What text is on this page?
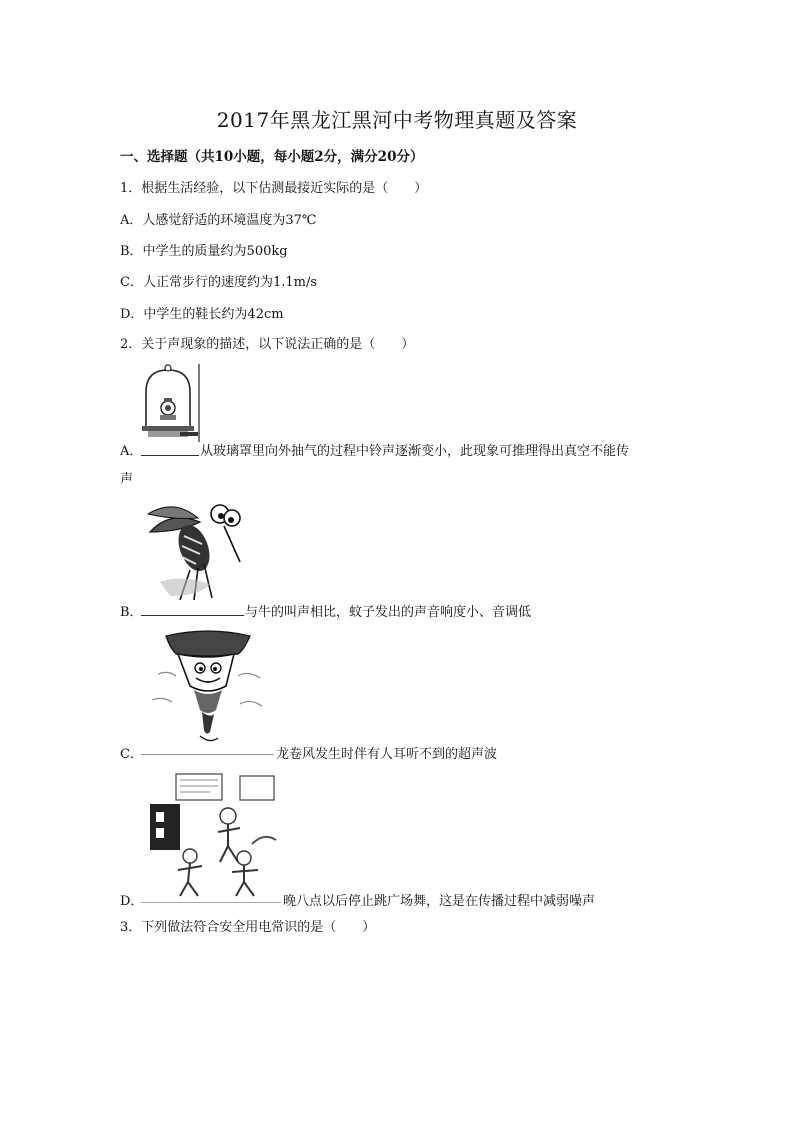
2017年黑龙江黑河中考物理真题及答案
一、选择题（共10小题，每小题2分，满分20分）
1．根据生活经验，以下估测最接近实际的是（　　）
A．人感觉舒适的环境温度为37℃
B．中学生的质量约为500kg
C．人正常步行的速度约为1.1m/s
D．中学生的鞋长约为42cm
2．关于声现象的描述，以下说法正确的是（　　）
A．	从玻璃罩里向外抽气的过程中铃声逐渐变小，此现象可推理得出真空不能传
声
B．	与牛的叫声相比，蚊子发出的声音响度小、音调低
C．	龙卷风发生时伴有人耳听不到的超声波
D．	晚八点以后停止跳广场舞，这是在传播过程中减弱噪声
3．下列做法符合安全用电常识的是（　　）
